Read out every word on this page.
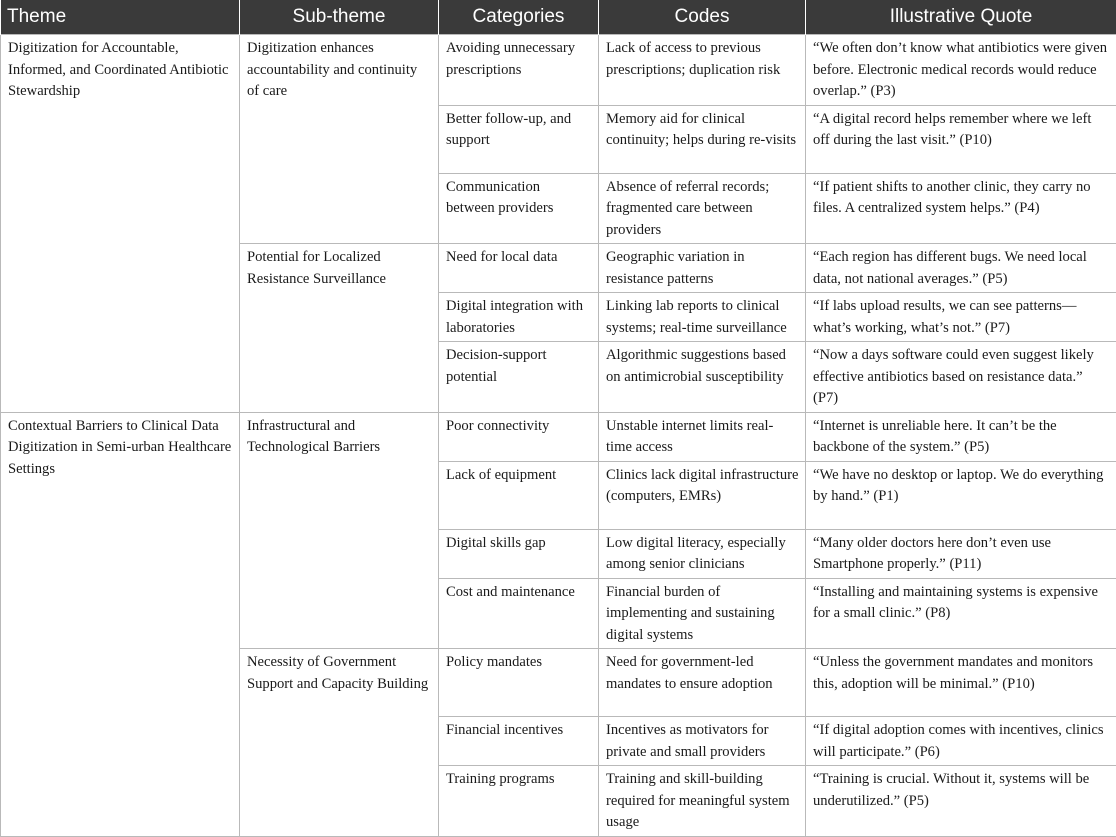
Theme	Sub-theme	Categories	Codes	Illustrative Quote
Digitization for Accountable, Informed, and Coordinated Antibiotic Stewardship	Digitization enhances accountability and continuity of care	Avoiding unnecessary prescriptions	Lack of access to previous prescriptions; duplication risk	“We often don’t know what antibiotics were given before. Electronic medical records would reduce overlap.” (P3)
		Better follow-up, and support	Memory aid for clinical continuity; helps during re-visits	“A digital record helps remember where we left off during the last visit.” (P10)
		Communication between providers	Absence of referral records; fragmented care between providers	“If patient shifts to another clinic, they carry no files. A centralized system helps.” (P4)
	Potential for Localized Resistance Surveillance	Need for local data	Geographic variation in resistance patterns	“Each region has different bugs. We need local data, not national averages.” (P5)
		Digital integration with laboratories	Linking lab reports to clinical systems; real-time surveillance	“If labs upload results, we can see patterns—what’s working, what’s not.” (P7)
		Decision-support potential	Algorithmic suggestions based on antimicrobial susceptibility	“Now a days software could even suggest likely effective antibiotics based on resistance data.” (P7)
Contextual Barriers to Clinical Data Digitization in Semi-urban Healthcare Settings	Infrastructural and Technological Barriers	Poor connectivity	Unstable internet limits real-time access	“Internet is unreliable here. It can’t be the backbone of the system.” (P5)
		Lack of equipment	Clinics lack digital infrastructure (computers, EMRs)	“We have no desktop or laptop. We do everything by hand.” (P1)
		Digital skills gap	Low digital literacy, especially among senior clinicians	“Many older doctors here don’t even use Smartphone properly.” (P11)
		Cost and maintenance	Financial burden of implementing and sustaining digital systems	“Installing and maintaining systems is expensive for a small clinic.” (P8)
	Necessity of Government Support and Capacity Building	Policy mandates	Need for government-led mandates to ensure adoption	“Unless the government mandates and monitors this, adoption will be minimal.” (P10)
		Financial incentives	Incentives as motivators for private and small providers	“If digital adoption comes with incentives, clinics will participate.” (P6)
		Training programs	Training and skill-building required for meaningful system usage	“Training is crucial. Without it, systems will be underutilized.” (P5)
